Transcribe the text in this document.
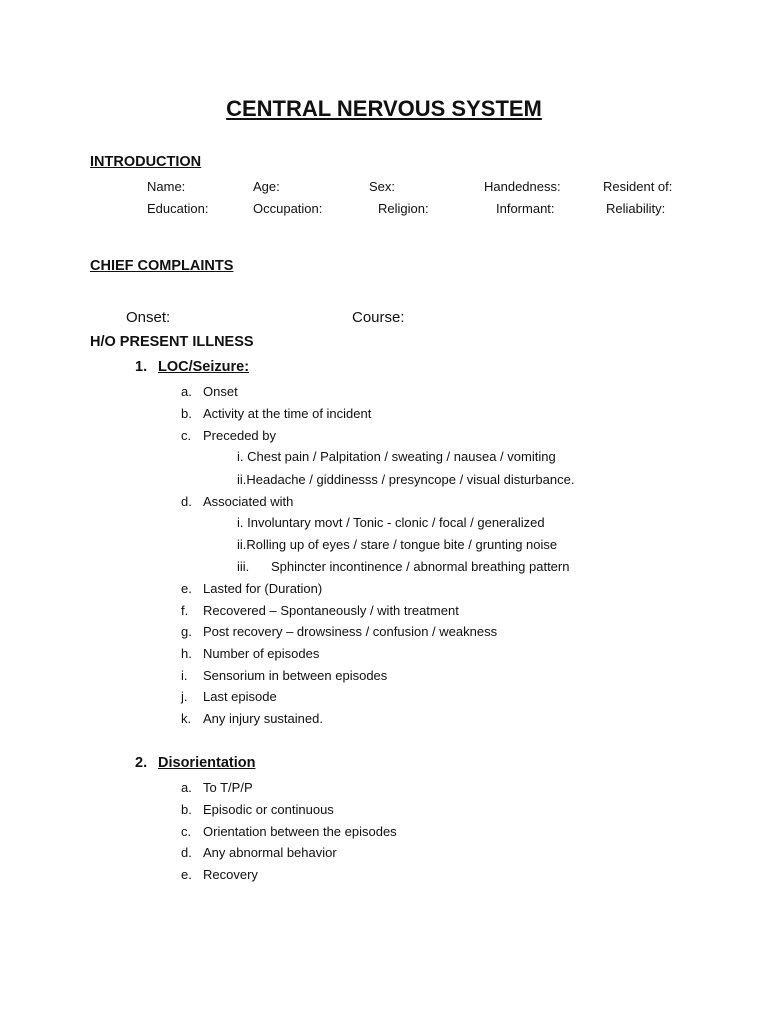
CENTRAL NERVOUS SYSTEM
INTRODUCTION
Name:	Age:	Sex:	Handedness:	Resident of:
Education:	Occupation:	Religion:	Informant:	Reliability:
CHIEF COMPLAINTS
Onset:	Course:
H/O PRESENT ILLNESS
1. LOC/Seizure:
a. Onset
b. Activity at the time of incident
c. Preceded by
i. Chest pain / Palpitation / sweating / nausea / vomiting
ii.Headache / giddinesss / presyncope / visual disturbance.
d. Associated with
i. Involuntary movt / Tonic - clonic / focal / generalized
ii.Rolling up of eyes / stare / tongue bite / grunting noise
iii. Sphincter incontinence / abnormal breathing pattern
e. Lasted for (Duration)
f. Recovered – Spontaneously / with treatment
g. Post recovery – drowsiness / confusion / weakness
h. Number of episodes
i. Sensorium in between episodes
j. Last episode
k. Any injury sustained.
2. Disorientation
a. To T/P/P
b. Episodic or continuous
c. Orientation between the episodes
d. Any abnormal behavior
e. Recovery
